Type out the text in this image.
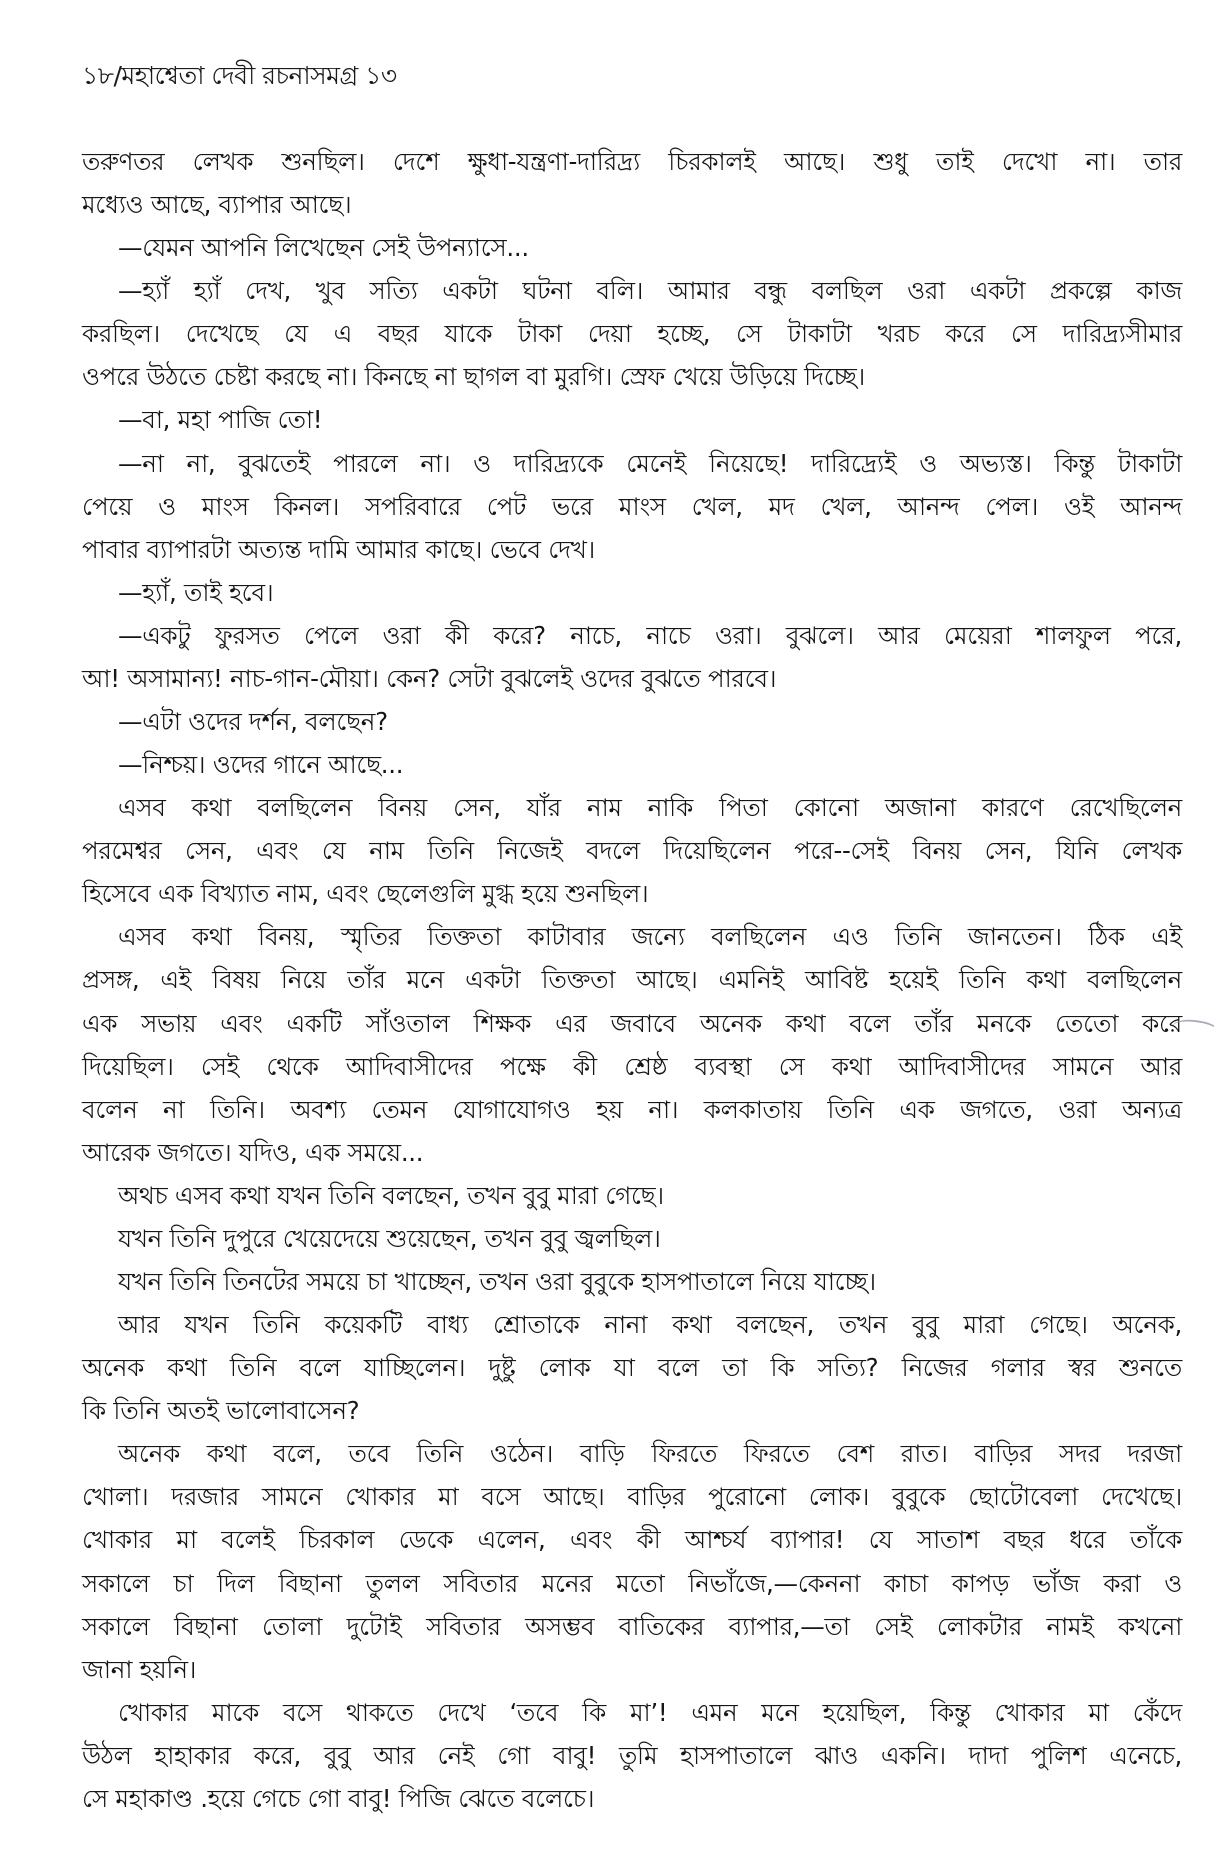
১৮/মহাশ্বেতা দেবী রচনাসমগ্র ১৩
তরুণতর লেখক শুনছিল। দেশে ক্ষুধা-যন্ত্রণা-দারিদ্র্য চিরকালই আছে। শুধু তাই দেখো না। তার
মধ্যেও আছে, ব্যাপার আছে।
—যেমন আপনি লিখেছেন সেই উপন্যাসে...
—হ্যাঁ হ্যাঁ দেখ, খুব সত্যি একটা ঘটনা বলি। আমার বন্ধু বলছিল ওরা একটা প্রকল্পে কাজ
করছিল। দেখেছে যে এ বছর যাকে টাকা দেয়া হচ্ছে, সে টাকাটা খরচ করে সে দারিদ্র্যসীমার
ওপরে উঠতে চেষ্টা করছে না। কিনছে না ছাগল বা মুরগি। স্রেফ খেয়ে উড়িয়ে দিচ্ছে।
—বা, মহা পাজি তো!
—না না, বুঝতেই পারলে না। ও দারিদ্র্যকে মেনেই নিয়েছে! দারিদ্র্যেই ও অভ্যস্ত। কিন্তু টাকাটা
পেয়ে ও মাংস কিনল। সপরিবারে পেট ভরে মাংস খেল, মদ খেল, আনন্দ পেল। ওই আনন্দ
পাবার ব্যাপারটা অত্যন্ত দামি আমার কাছে। ভেবে দেখ।
—হ্যাঁ, তাই হবে।
—একটু ফুরসত পেলে ওরা কী করে? নাচে, নাচে ওরা। বুঝলে। আর মেয়েরা শালফুল পরে,
আ! অসামান্য! নাচ-গান-মৌয়া। কেন? সেটা বুঝলেই ওদের বুঝতে পারবে।
—এটা ওদের দর্শন, বলছেন?
—নিশ্চয়। ওদের গানে আছে...
এসব কথা বলছিলেন বিনয় সেন, যাঁর নাম নাকি পিতা কোনো অজানা কারণে রেখেছিলেন
পরমেশ্বর সেন, এবং যে নাম তিনি নিজেই বদলে দিয়েছিলেন পরে--সেই বিনয় সেন, যিনি লেখক
হিসেবে এক বিখ্যাত নাম, এবং ছেলেগুলি মুগ্ধ হয়ে শুনছিল।
এসব কথা বিনয়, স্মৃতির তিক্ততা কাটাবার জন্যে বলছিলেন এও তিনি জানতেন। ঠিক এই
প্রসঙ্গ, এই বিষয় নিয়ে তাঁর মনে একটা তিক্ততা আছে। এমনিই আবিষ্ট হয়েই তিনি কথা বলছিলেন
এক সভায় এবং একটি সাঁওতাল শিক্ষক এর জবাবে অনেক কথা বলে তাঁর মনকে তেতো করে
দিয়েছিল। সেই থেকে আদিবাসীদের পক্ষে কী শ্রেষ্ঠ ব্যবস্থা সে কথা আদিবাসীদের সামনে আর
বলেন না তিনি। অবশ্য তেমন যোগাযোগও হয় না। কলকাতায় তিনি এক জগতে, ওরা অন্যত্র
আরেক জগতে। যদিও, এক সময়ে...
অথচ এসব কথা যখন তিনি বলছেন, তখন বুবু মারা গেছে।
যখন তিনি দুপুরে খেয়েদেয়ে শুয়েছেন, তখন বুবু জ্বলছিল।
যখন তিনি তিনটের সময়ে চা খাচ্ছেন, তখন ওরা বুবুকে হাসপাতালে নিয়ে যাচ্ছে।
আর যখন তিনি কয়েকটি বাধ্য শ্রোতাকে নানা কথা বলছেন, তখন বুবু মারা গেছে। অনেক,
অনেক কথা তিনি বলে যাচ্ছিলেন। দুষ্টু লোক যা বলে তা কি সত্যি? নিজের গলার স্বর শুনতে
কি তিনি অতই ভালোবাসেন?
অনেক কথা বলে, তবে তিনি ওঠেন। বাড়ি ফিরতে ফিরতে বেশ রাত। বাড়ির সদর দরজা
খোলা। দরজার সামনে খোকার মা বসে আছে। বাড়ির পুরোনো লোক। বুবুকে ছোটোবেলা দেখেছে।
খোকার মা বলেই চিরকাল ডেকে এলেন, এবং কী আশ্চর্য ব্যাপার! যে সাতাশ বছর ধরে তাঁকে
সকালে চা দিল বিছানা তুলল সবিতার মনের মতো নিভাঁজে,—কেননা কাচা কাপড় ভাঁজ করা ও
সকালে বিছানা তোলা দুটোই সবিতার অসম্ভব বাতিকের ব্যাপার,—তা সেই লোকটার নামই কখনো
জানা হয়নি।
খোকার মাকে বসে থাকতে দেখে ‘তবে কি মা’! এমন মনে হয়েছিল, কিন্তু খোকার মা কেঁদে
উঠল হাহাকার করে, বুবু আর নেই গো বাবু! তুমি হাসপাতালে ঝাও একনি। দাদা পুলিশ এনেচে,
সে মহাকাণ্ড .হয়ে গেচে গো বাবু! পিজি ঝেতে বলেচে।
